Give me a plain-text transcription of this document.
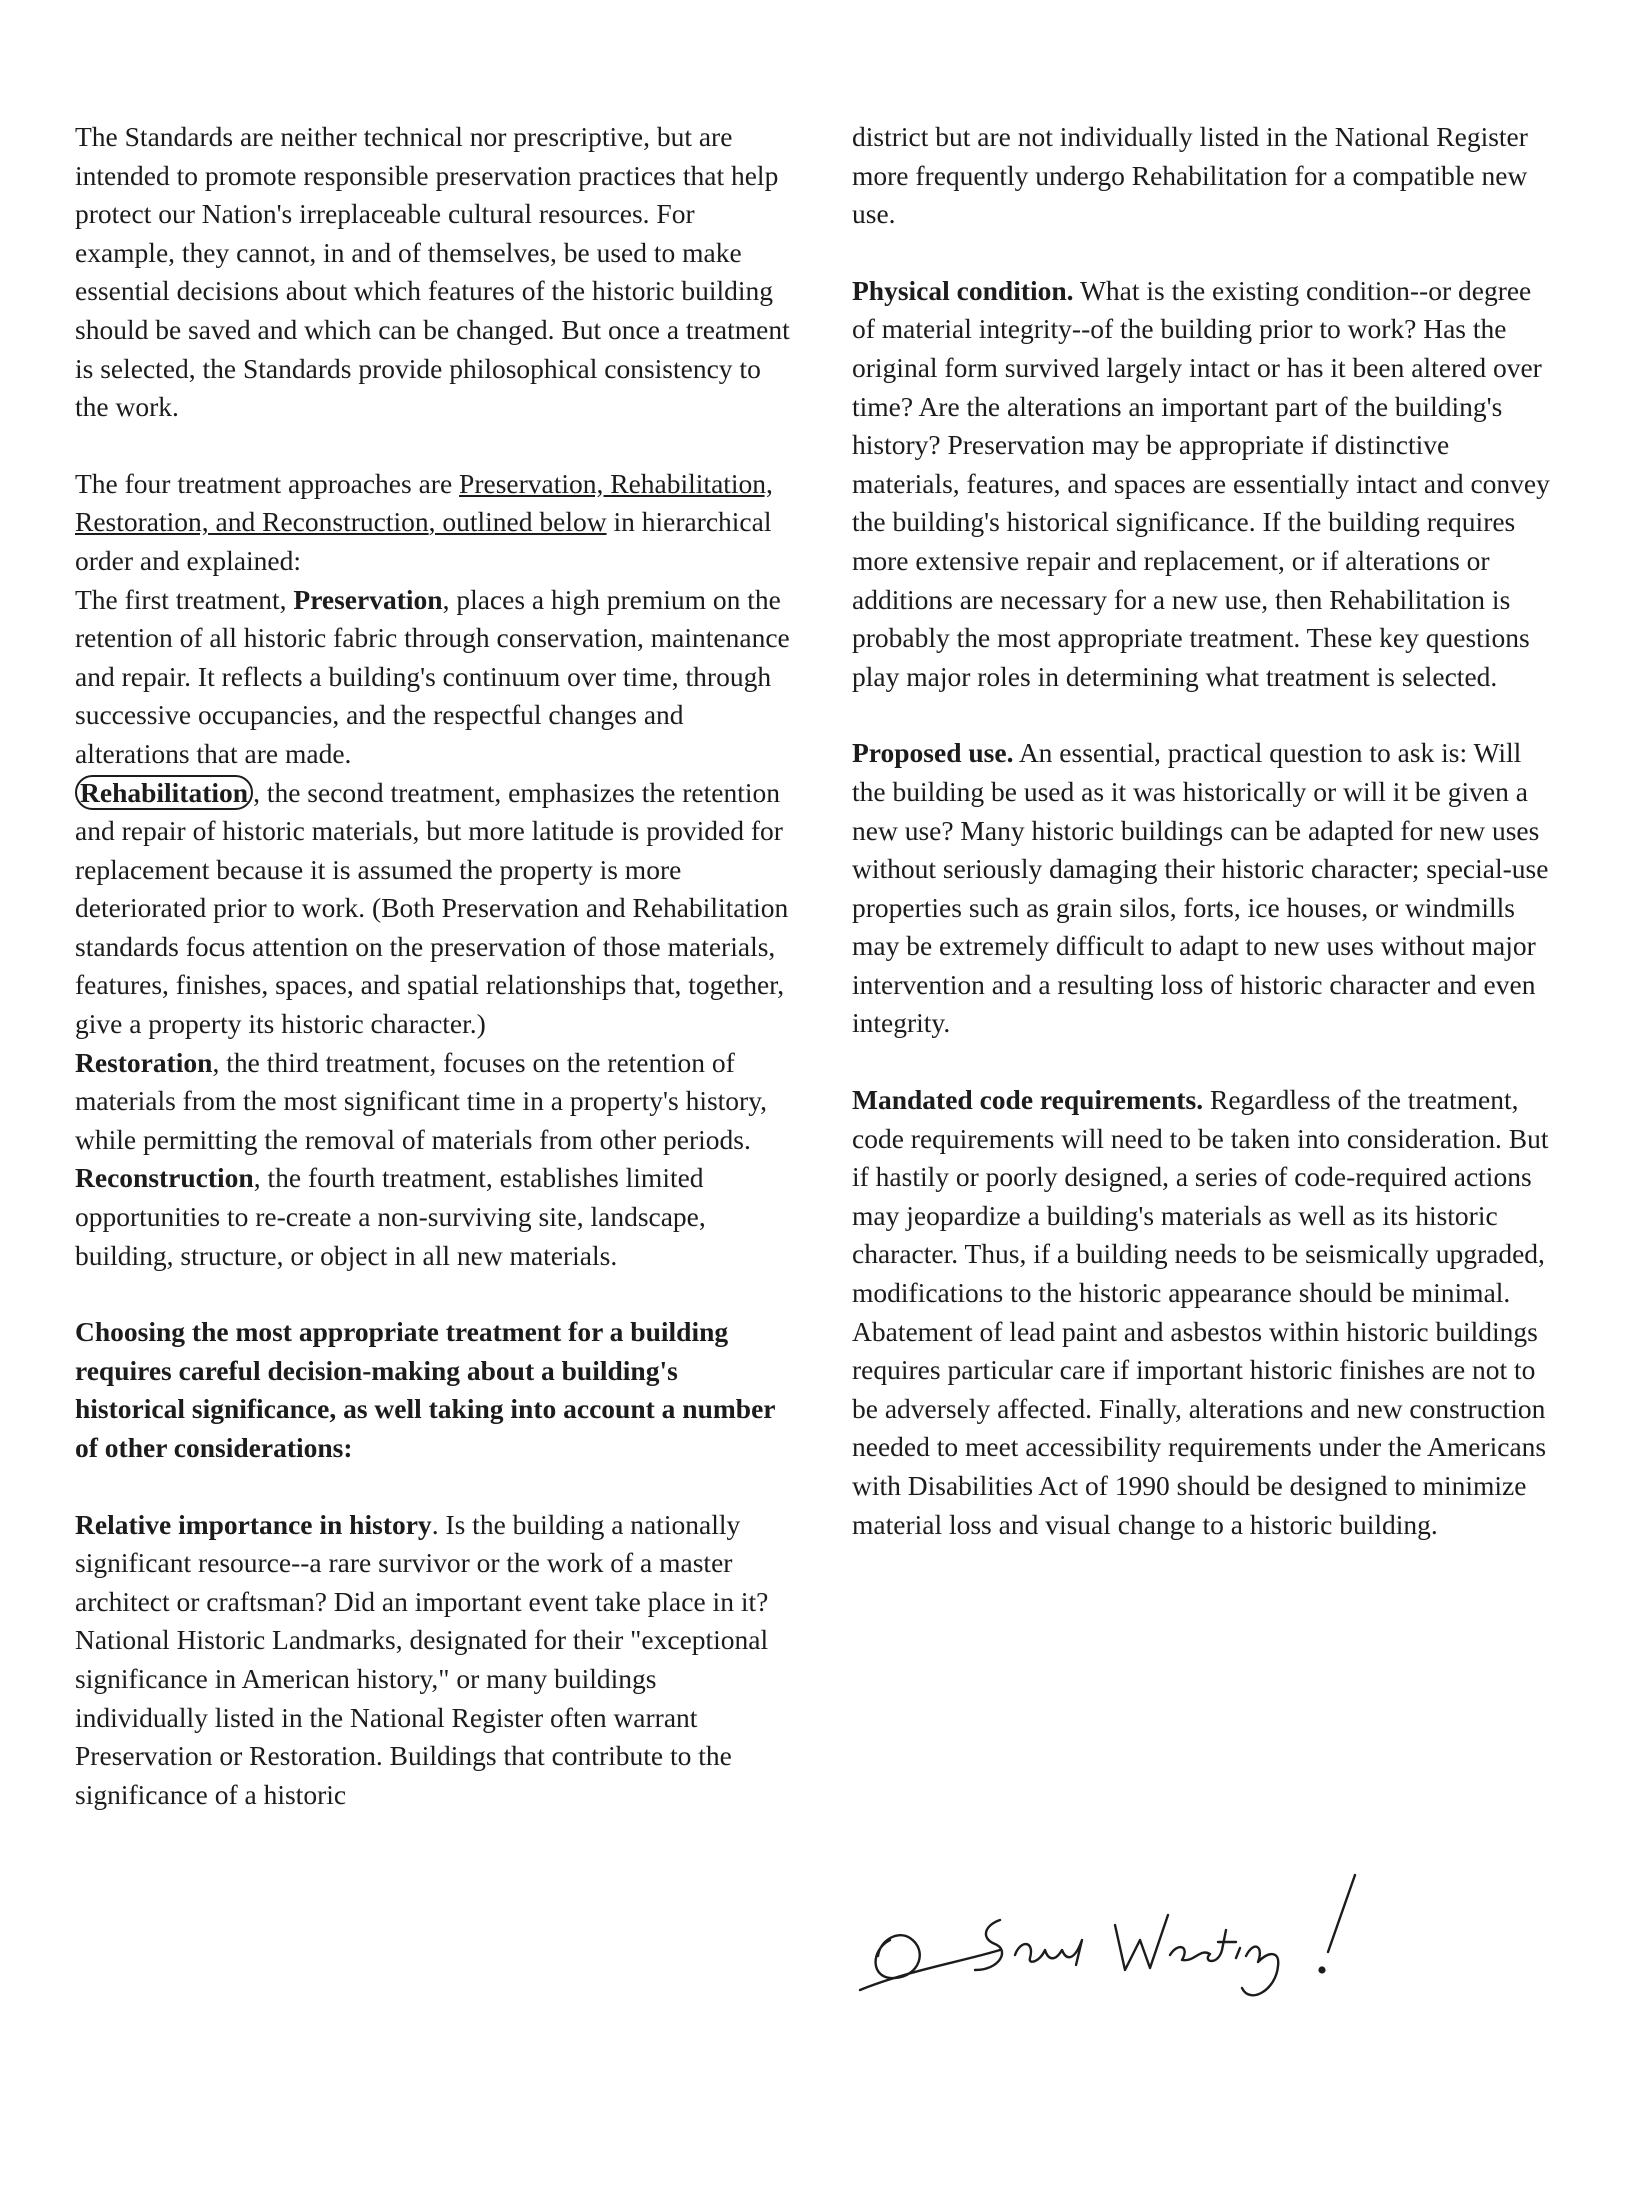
The Standards are neither technical nor prescriptive, but are intended to promote responsible preservation practices that help protect our Nation's irreplaceable cultural resources. For example, they cannot, in and of themselves, be used to make essential decisions about which features of the historic building should be saved and which can be changed. But once a treatment is selected, the Standards provide philosophical consistency to the work.

The four treatment approaches are Preservation, Rehabilitation, Restoration, and Reconstruction, outlined below in hierarchical order and explained:

The first treatment, Preservation, places a high premium on the retention of all historic fabric through conservation, maintenance and repair. It reflects a building's continuum over time, through successive occupancies, and the respectful changes and alterations that are made.

Rehabilitation , the second treatment, emphasizes the retention and repair of historic materials, but more latitude is provided for replacement because it is assumed the property is more deteriorated prior to work. (Both Preservation and Rehabilitation standards focus attention on the preservation of those materials, features, finishes, spaces, and spatial relationships that, together, give a property its historic character.)

Restoration, the third treatment, focuses on the retention of materials from the most significant time in a property's history, while permitting the removal of materials from other periods.

Reconstruction, the fourth treatment, establishes limited opportunities to re-create a non-surviving site, landscape, building, structure, or object in all new materials.

Choosing the most appropriate treatment for a building requires careful decision-making about a building's historical significance, as well taking into account a number of other considerations:

Relative importance in history. Is the building a nationally significant resource--a rare survivor or the work of a master architect or craftsman? Did an important event take place in it? National Historic Landmarks, designated for their "exceptional significance in American history," or many buildings individually listed in the National Register often warrant Preservation or Restoration. Buildings that contribute to the significance of a historic

district but are not individually listed in the National Register more frequently undergo Rehabilitation for a compatible new use.

Physical condition. What is the existing condition--or degree of material integrity--of the building prior to work? Has the original form survived largely intact or has it been altered over time? Are the alterations an important part of the building's history? Preservation may be appropriate if distinctive materials, features, and spaces are essentially intact and convey the building's historical significance. If the building requires more extensive repair and replacement, or if alterations or additions are necessary for a new use, then Rehabilitation is probably the most appropriate treatment. These key questions play major roles in determining what treatment is selected.

Proposed use. An essential, practical question to ask is: Will the building be used as it was historically or will it be given a new use? Many historic buildings can be adapted for new uses without seriously damaging their historic character; special-use properties such as grain silos, forts, ice houses, or windmills may be extremely difficult to adapt to new uses without major intervention and a resulting loss of historic character and even integrity.

Mandated code requirements. Regardless of the treatment, code requirements will need to be taken into consideration. But if hastily or poorly designed, a series of code-required actions may jeopardize a building's materials as well as its historic character. Thus, if a building needs to be seismically upgraded, modifications to the historic appearance should be minimal. Abatement of lead paint and asbestos within historic buildings requires particular care if important historic finishes are not to be adversely affected. Finally, alterations and new construction needed to meet accessibility requirements under the Americans with Disabilities Act of 1990 should be designed to minimize material loss and visual change to a historic building.
